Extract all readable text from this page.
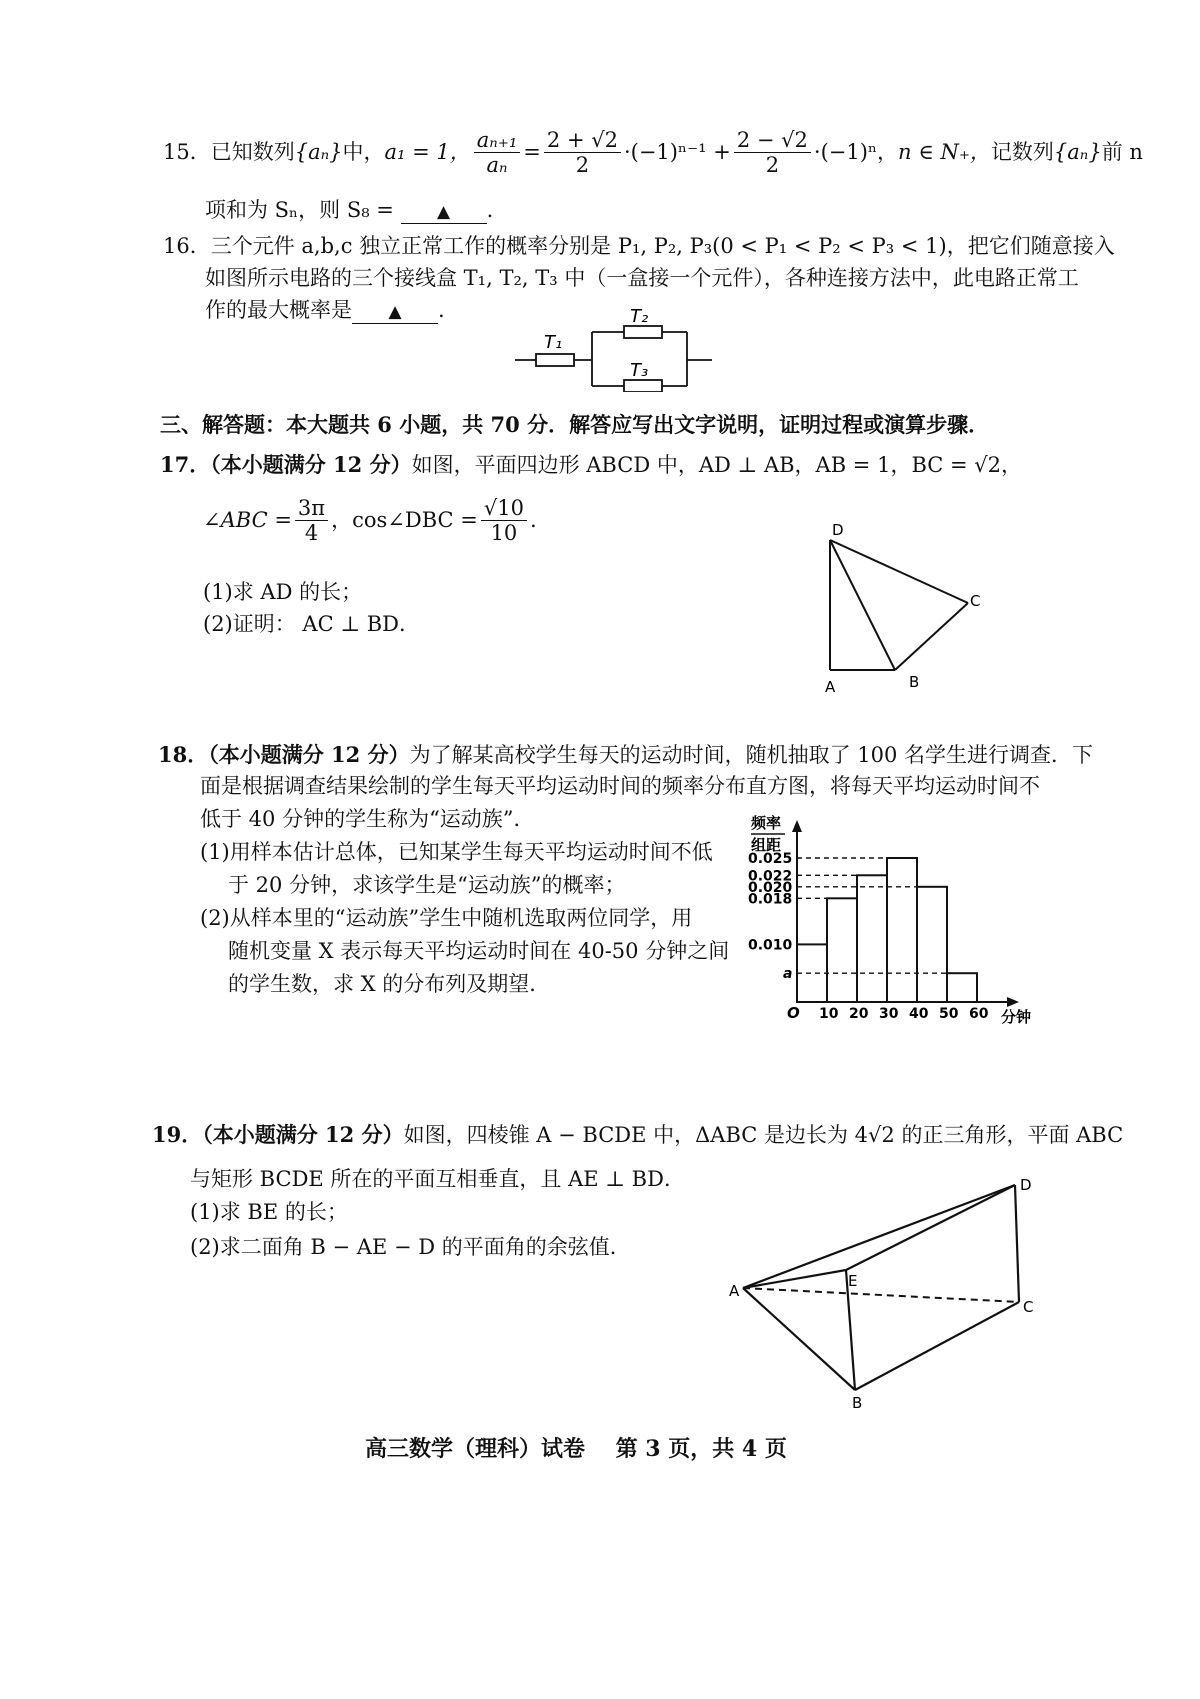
15． 已知数列 {aₙ} 中， a₁ = 1， $\frac{\text{aₙ₊₁}}{\text{aₙ}} = \frac{2 + √2}{2} \cdot(-1)^{n-1} + \frac{2 - √2}{2} \cdot(-1)^n$， n ∈ N₊， 记数列 {aₙ} 前 n
项和为 Sₙ，则 S₈ =	▲ .
16．三个元件 a,b,c 独立正常工作的概率分别是 P₁, P₂, P₃(0 < P₁ < P₂ < P₃ < 1)，把它们随意接入
如图所示电路的三个接线盒 T₁, T₂, T₃ 中（一盒接一个元件），各种连接方法中，此电路正常工
作的最大概率是 ▲ .
T₁
T₂
T₃
三、解答题：本大题共 6 小题，共 70 分．解答应写出文字说明，证明过程或演算步骤．
17．（本小题满分 12 分）如图，平面四边形 ABCD 中，AD ⊥ AB，AB = 1，BC = √2，
∠ABC = $\frac{3\pi}{4}$ ，cos∠DBC = $\frac{√10}{10}$ .
(1)求 AD 的长；
(2)证明： AC ⊥ BD．
D
C
A	B
18．（本小题满分 12 分）为了解某高校学生每天的运动时间，随机抽取了 100 名学生进行调查．下
面是根据调查结果绘制的学生每天平均运动时间的频率分布直方图，将每天平均运动时间不
低于 40 分钟的学生称为“运动族”．
(1)用样本估计总体，已知某学生每天平均运动时间不低
于 20 分钟，求该学生是“运动族”的概率；
(2)从样本里的“运动族”学生中随机选取两位同学，用
随机变量 X 表示每天平均运动时间在 40-50 分钟之间
的学生数，求 X 的分布列及期望．
频率
组距
0.025
0.022
0.020
0.018
0.010
a
O 10 20 30 40 50 60 分钟
19．（本小题满分 12 分）如图，四棱锥 A − BCDE 中，ΔABC 是边长为 4√2 的正三角形，平面 ABC
与矩形 BCDE 所在的平面互相垂直，且 AE ⊥ BD．
(1)求 BE 的长；
(2)求二面角 B − AE − D 的平面角的余弦值．
D
E
A
C
B
高三数学（理科）试卷    第 3 页，共 4 页
